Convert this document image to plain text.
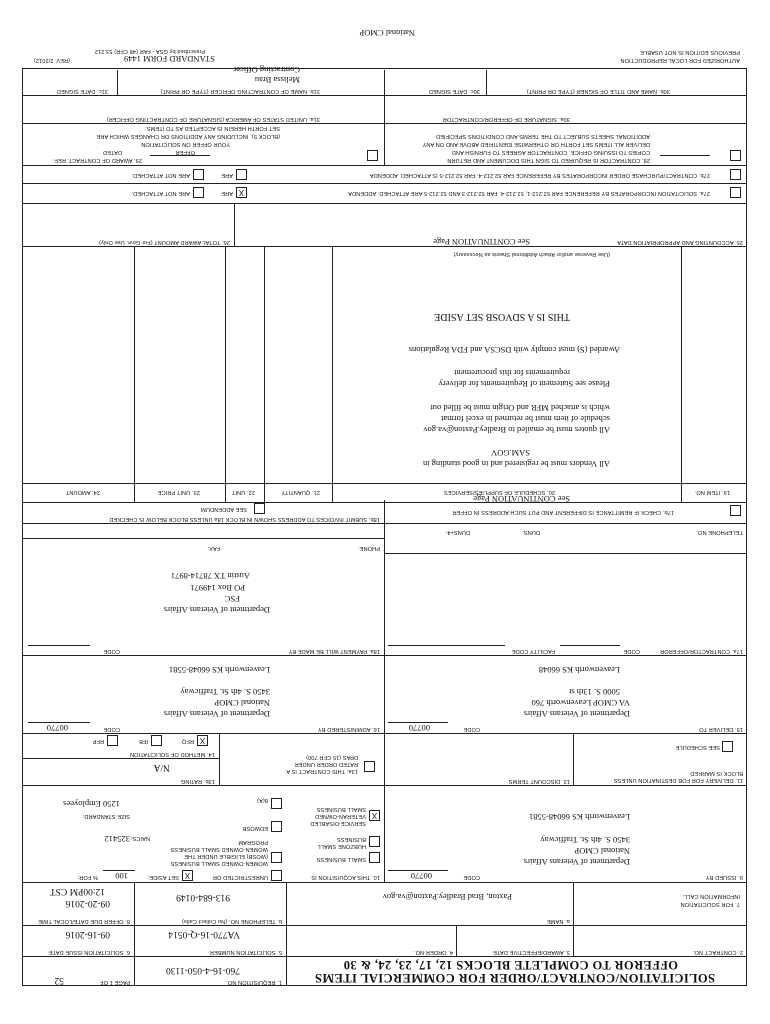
SOLICITATION/CONTRACT/ORDER FOR COMMERCIAL ITEMS
OFFEROR TO COMPLETE BLOCKS 12, 17, 23, 24, & 30
1. REQUISITION NO.
760-16-4-050-1130
PAGE 1 OF
52
2. CONTRACT NO.
3. AWARD/EFFECTIVE DATE
4. ORDER NO.
5. SOLICITATION NUMBER
VA770-16-Q-0514
6. SOLICITATION ISSUE DATE
09-16-2016
7. FOR SOLICITATION
INFORMATION CALL:
a. NAME
Paxton, Brad Bradley.Paxton@va.gov
b. TELEPHONE NO. (No Collect Calls)
913-684-0149
8. OFFER DUE DATE/LOCAL TIME
09-20-2016
12:00PM CST
9. ISSUED BY
CODE
00770
Department of Veterans Affairs
National CMOP
3450 S. 4th St. Trafficway
Leavenworth KS 66048-5581
10. THIS ACQUISITION IS
UNRESTRICTED OR
X
SET ASIDE:
100
% FOR:
SMALL BUSINESS
HUBZONE SMALL BUSINESS
X
SERVICE-DISABLED VETERAN-OWNED SMALL BUSINESS
WOMEN-OWNED SMALL BUSINESS (WOSB) ELIGIBLE UNDER THE WOMEN-OWNED SMALL BUSINESS PROGRAM
EDWOSB
8(A)
NAICS:
325412
SIZE STANDARD:
1250 Employees
11. DELIVERY FOR FOB DESTINATION UNLESS BLOCK IS MARKED
SEE SCHEDULE
12. DISCOUNT TERMS
13a. THIS CONTRACT IS A RATED ORDER UNDER DPAS (15 CFR 700)
13b. RATING
N/A
14. METHOD OF SOLICITATION
X
RFQ
IFB
RFP
15. DELIVER TO
CODE
00770
Department of Veterans Affairs
VA CMOP Leavenworth 760
5000 S. 13th st
Leavenworth KS 66048
16. ADMINISTERED BY
CODE
00770
Department of Veterans Affairs
National CMOP
3450 S. 4th St. Trafficway
Leavenworth KS 66048-5581
17a. CONTRACTOR/OFFEROR
CODE
FACILITY CODE
TELEPHONE NO.
DUNS:
DUNS+4:
17b. CHECK IF REMITTANCE IS DIFFERENT AND PUT SUCH ADDRESS IN OFFER
18a. PAYMENT WILL BE MADE BY
CODE
Department of Veterans Affairs
FSC
PO Box 149971
Austin TX 78714-8971
PHONE:
FAX:
18b. SUBMIT INVOICES TO ADDRESS SHOWN IN BLOCK 18a UNLESS BLOCK BELOW IS CHECKED
SEE ADDENDUM
19. ITEM NO.
20. SCHEDULE OF SUPPLIES/SERVICES
See CONTINUATION Page
21. QUANTITY
22. UNIT
23. UNIT PRICE
24. AMOUNT
All Vendors must be registered and in good standing in
SAM.GOV
All quotes must be emailed to Bradley.Paxton@va.gov
schedule of item must be returned in excel format
which is attached MFR and Origin must be filled out
Please see Statement of Requirements for delivery
requirements for this procurement
Awarded (S) must comply with DSCSA and FDA Regulations
THIS IS A SDVOSB SET ASIDE
(Use Reverse and/or Attach Additional Sheets as Necessary)
25. ACCOUNTING AND APPROPRIATION DATA
See CONTINUATION Page
26. TOTAL AWARD AMOUNT (For Govt. Use Only)
27a. SOLICITATION INCORPORATES BY REFERENCE FAR 52.212-1, 52.212-4. FAR 52.212-3 AND 52.212-5 ARE ATTACHED. ADDENDA
X
ARE
ARE NOT ATTACHED.
27b. CONTRACT/PURCHASE ORDER INCORPORATES BY REFERENCE FAR 52.212-4. FAR 52.212-5 IS ATTACHED. ADDENDA
ARE
ARE NOT ATTACHED.
28. CONTRACTOR IS REQUIRED TO SIGN THIS DOCUMENT AND RETURN
COPIES TO ISSUING OFFICE. CONTRACTOR AGREES TO FURNISH AND
DELIVER ALL ITEMS SET FORTH OR OTHERWISE IDENTIFIED ABOVE AND ON ANY
ADDITIONAL SHEETS SUBJECT TO THE TERMS AND CONDITIONS SPECIFIED
29. AWARD OF CONTRACT: REF.
OFFER
DATED
YOUR OFFER ON SOLICITATION
(BLOCK 5), INCLUDING ANY ADDITIONS OR CHANGES WHICH ARE
SET FORTH HEREIN IS ACCEPTED AS TO ITEMS:
30a. SIGNATURE OF OFFEROR/CONTRACTOR
31a. UNITED STATES OF AMERICA (SIGNATURE OF CONTRACTING OFFICER)
30b. NAME AND TITLE OF SIGNER (TYPE OR PRINT)
30c. DATE SIGNED
31b. NAME OF CONTRACTING OFFICER (TYPE OR PRINT)
Melissa Brau
Contracting Officer
31c. DATE SIGNED
AUTHORIZED FOR LOCAL REPRODUCTION
PREVIOUS EDITION IS NOT USABLE
STANDARD FORM 1449
(REV. 2/2012)
Prescribed by GSA - FAR (48 CFR) 53.212
National CMOP
